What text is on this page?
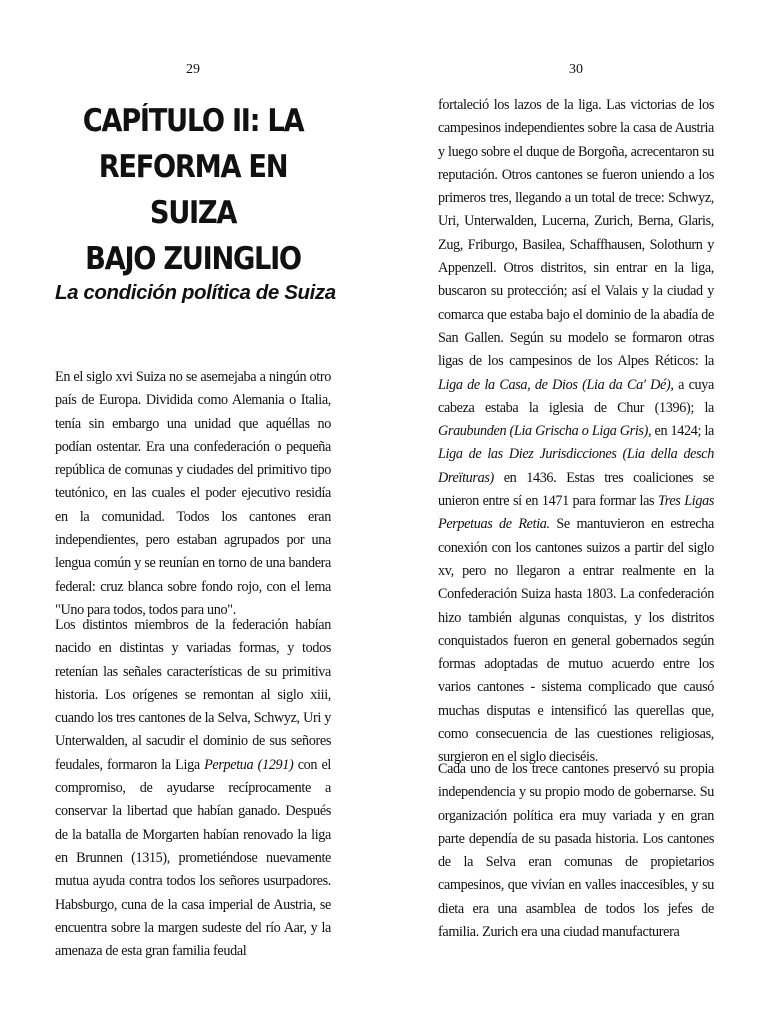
29
CAPÍTULO II: LA
REFORMA EN SUIZA
BAJO ZUINGLIO
La condición política de Suiza
En el siglo xvi Suiza no se asemejaba a ningún otro país de Europa. Dividida como Alemania o Italia, tenía sin embargo una unidad que aquéllas no podían ostentar. Era una confederación o pequeña república de comunas y ciudades del primitivo tipo teutónico, en las cuales el poder ejecutivo residía en la comunidad. Todos los cantones eran independientes, pero estaban agrupados por una lengua común y se reunían en torno de una bandera federal: cruz blanca sobre fondo rojo, con el lema "Uno para todos, todos para uno".
Los distintos miembros de la federación habían nacido en distintas y variadas formas, y todos retenían las señales características de su primitiva historia. Los orígenes se remontan al siglo xiii, cuando los tres cantones de la Selva, Schwyz, Uri y Unterwalden, al sacudir el dominio de sus señores feudales, formaron la Liga Perpetua (1291) con el compromiso, de ayudarse recíprocamente a conservar la libertad que habían ganado. Después de la batalla de Morgarten habían renovado la liga en Brunnen (1315), prometiéndose nuevamente mutua ayuda contra todos los señores usurpadores. Habsburgo, cuna de la casa imperial de Austria, se encuentra sobre la margen sudeste del río Aar, y la amenaza de esta gran familia feudal
30
fortaleció los lazos de la liga. Las victorias de los campesinos independientes sobre la casa de Austria y luego sobre el duque de Borgoña, acrecentaron su reputación. Otros cantones se fueron uniendo a los primeros tres, llegando a un total de trece: Schwyz, Uri, Unterwalden, Lucerna, Zurich, Berna, Glaris, Zug, Friburgo, Basilea, Schaffhausen, Solothurn y Appenzell. Otros distritos, sin entrar en la liga, buscaron su protección; así el Valais y la ciudad y comarca que estaba bajo el dominio de la abadía de San Gallen. Según su modelo se formaron otras ligas de los campesinos de los Alpes Réticos: la Liga de la Casa, de Dios (Lia da Ca' Dé), a cuya cabeza estaba la iglesia de Chur (1396); la Graubunden (Lia Grischa o Liga Gris), en 1424; la Liga de las Diez Jurisdicciones (Lia della desch Dreïturas) en 1436. Estas tres coaliciones se unieron entre sí en 1471 para formar las Tres Ligas Perpetuas de Retia. Se mantuvieron en estrecha conexión con los cantones suizos a partir del siglo xv, pero no llegaron a entrar realmente en la Confederación Suiza hasta 1803. La confederación hizo también algunas conquistas, y los distritos conquistados fueron en general gobernados según formas adoptadas de mutuo acuerdo entre los varios cantones - sistema complicado que causó muchas disputas e intensificó las querellas que, como consecuencia de las cuestiones religiosas, surgieron en el siglo dieciséis.
Cada uno de los trece cantones preservó su propia independencia y su propio modo de gobernarse. Su organización política era muy variada y en gran parte dependía de su pasada historia. Los cantones de la Selva eran comunas de propietarios campesinos, que vivían en valles inaccesibles, y su dieta era una asamblea de todos los jefes de familia. Zurich era una ciudad manufacturera
